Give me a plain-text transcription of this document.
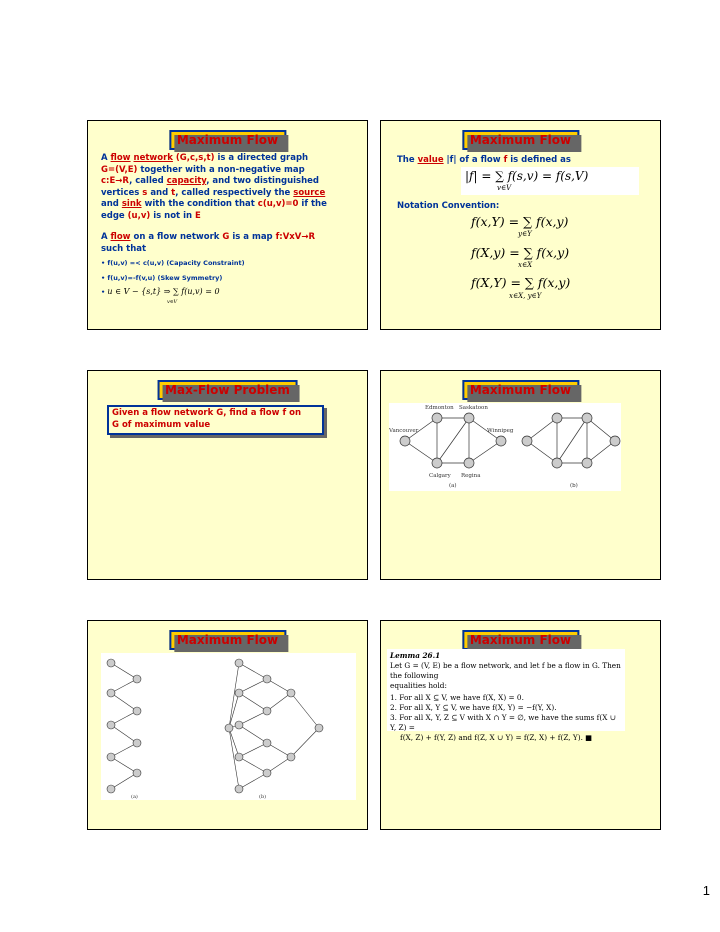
Maximum Flow
A flow network (G,c,s,t) is a directed graph
G=(V,E) together with a non-negative map
c:E→R, called capacity, and two distinguished
vertices s and t, called respectively the source
and sink with the condition that c(u,v)=0 if the
edge (u,v) is not in E
A flow on a flow network G is a map f:VxV→R
such that
• f(u,v) =< c(u,v) (Capacity Constraint)
• f(u,v)=-f(v,u) (Skew Symmetry)
• u ∈ V − {s,t} ⇒ ∑ f(u,v) = 0
v∈V
Maximum Flow
The value |f| of a flow f is defined as
|f| = ∑ f(s,v) = f(s,V)
v∈V
Notation Convention:
f(x,Y) = ∑ f(x,y)
y∈Y
f(X,y) = ∑ f(x,y)
x∈X
f(X,Y) = ∑ f(x,y)
x∈X, y∈Y
Max-Flow Problem
Given a flow network G, find a flow f on
G of maximum value
Maximum Flow
Edmonton Saskatoon
Vancouver	Winnipeg
Calgary Regina
(a)	(b)
Maximum Flow
(a)	(b)
Maximum Flow
Lemma 26.1
Let G = (V, E) be a flow network, and let f be a flow in G. Then the following
equalities hold:
1. For all X ⊆ V, we have f(X, X) = 0.
2. For all X, Y ⊆ V, we have f(X, Y) = −f(Y, X).
3. For all X, Y, Z ⊆ V with X ∩ Y = ∅, we have the sums f(X ∪ Y, Z) =
f(X, Z) + f(Y, Z) and f(Z, X ∪ Y) = f(Z, X) + f(Z, Y). ■
1
